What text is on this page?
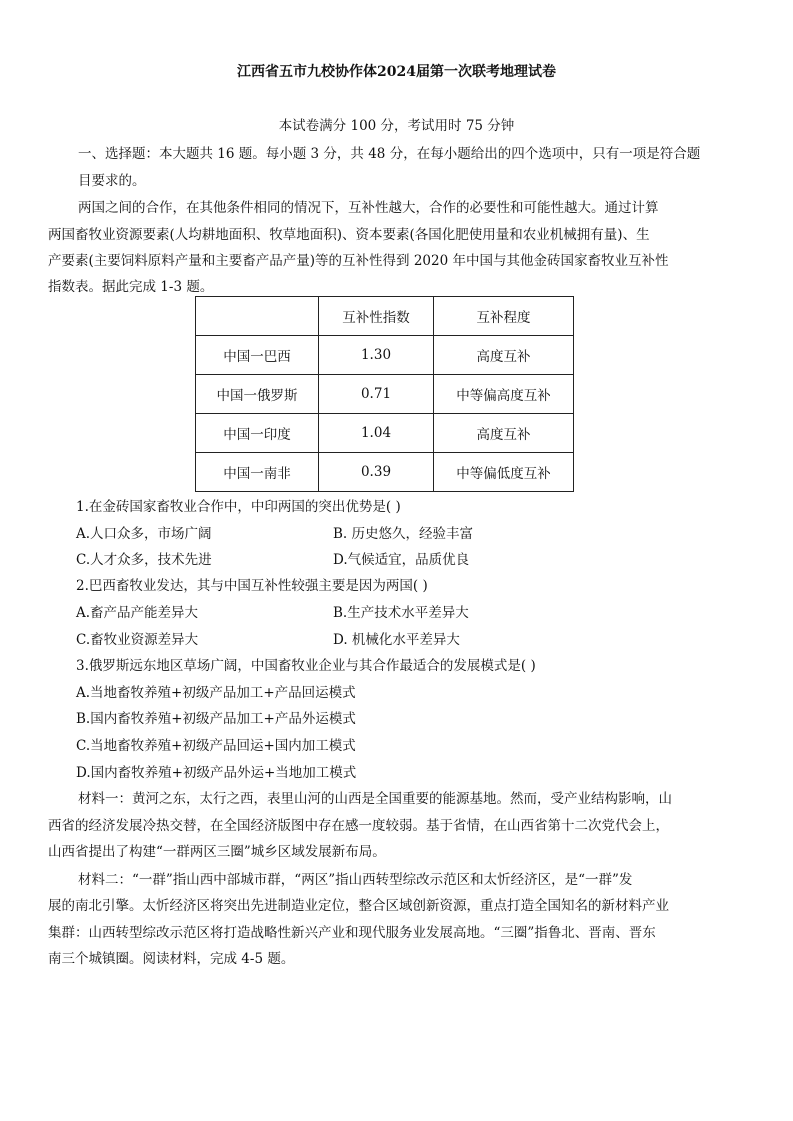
江西省五市九校协作体2024届第一次联考地理试卷
本试卷满分 100 分，考试用时 75 分钟
一、选择题：本大题共 16 题。每小题 3 分，共 48 分，在每小题给出的四个选项中，只有一项是符合题
目要求的。
两国之间的合作，在其他条件相同的情况下，互补性越大，合作的必要性和可能性越大。通过计算
两国畜牧业资源要素(人均耕地面积、牧草地面积)、资本要素(各国化肥使用量和农业机械拥有量)、生
产要素(主要饲料原料产量和主要畜产品产量)等的互补性得到 2020 年中国与其他金砖国家畜牧业互补性
指数表。据此完成 1-3 题。
	互补性指数	互补程度
中国一巴西	1.30	高度互补
中国一俄罗斯	0.71	中等偏高度互补
中国一印度	1.04	高度互补
中国一南非	0.39	中等偏低度互补
1.在金砖国家畜牧业合作中，中印两国的突出优势是( )
A.人口众多，市场广阔	B. 历史悠久，经验丰富
C.人才众多，技术先进	D.气候适宜，品质优良
2.巴西畜牧业发达，其与中国互补性较强主要是因为两国( )
A.畜产品产能差异大	B.生产技术水平差异大
C.畜牧业资源差异大	D. 机械化水平差异大
3.俄罗斯远东地区草场广阔，中国畜牧业企业与其合作最适合的发展模式是( )
A.当地畜牧养殖+初级产品加工+产品回运模式
B.国内畜牧养殖+初级产品加工+产品外运模式
C.当地畜牧养殖+初级产品回运+国内加工模式
D.国内畜牧养殖+初级产品外运+当地加工模式
材料一：黄河之东，太行之西，表里山河的山西是全国重要的能源基地。然而，受产业结构影响，山
西省的经济发展冷热交替，在全国经济版图中存在感一度较弱。基于省情，在山西省第十二次党代会上，
山西省提出了构建“一群两区三圈”城乡区域发展新布局。
材料二：“一群”指山西中部城市群，“两区”指山西转型综改示范区和太忻经济区，是“一群”发
展的南北引擎。太忻经济区将突出先进制造业定位，整合区域创新资源，重点打造全国知名的新材料产业
集群：山西转型综改示范区将打造战略性新兴产业和现代服务业发展高地。“三圈”指鲁北、晋南、晋东
南三个城镇圈。阅读材料，完成 4-5 题。
